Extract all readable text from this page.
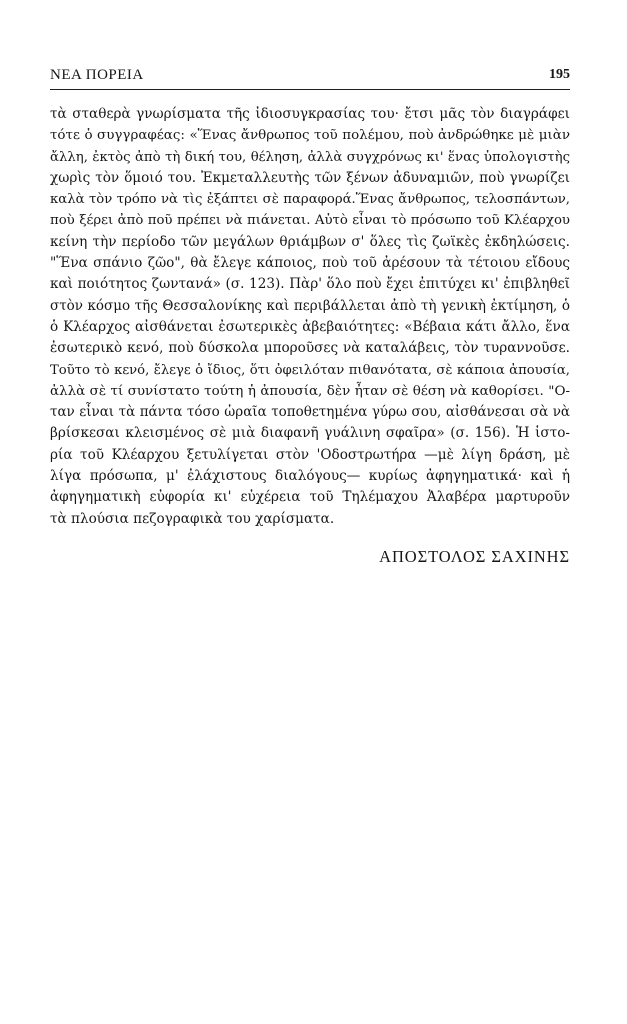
ΝΕΑ ΠΟΡΕΙΑ	195
τὰ σταθερὰ γνωρίσματα τῆς ἰδιοσυγκρασίας του· ἔτσι μᾶς τὸν διαγράφει
τότε ὁ συγγραφέας: «Ἕνας ἄνθρωπος τοῦ πολέμου, ποὺ ἀνδρώθηκε μὲ μιὰν
ἄλλη, ἐκτὸς ἀπὸ τὴ δική του, θέληση, ἀλλὰ συγχρόνως κι' ἕνας ὑπολογιστὴς
χωρὶς τὸν ὅμοιό του. Ἐκμεταλλευτὴς τῶν ξένων ἀδυναμιῶν, ποὺ γνωρίζει
καλὰ τὸν τρόπο νὰ τὶς ἐξάπτει σὲ παραφορά.Ἕνας ἄνθρωπος, τελοσπάντων,
ποὺ ξέρει ἀπὸ ποῦ πρέπει νὰ πιάνεται. Αὐτὸ εἶναι τὸ πρόσωπο τοῦ Κλέαρχου
κείνη τὴν περίοδο τῶν μεγάλων θριάμβων σ' ὅλες τὶς ζωϊκὲς ἐκδηλώσεις.
"Ἕνα σπάνιο ζῶο", θὰ ἔλεγε κάποιος, ποὺ τοῦ ἀρέσουν τὰ τέτοιου εἴδους
καὶ ποιότητος ζωντανά» (σ. 123). Πὰρ' ὅλο ποὺ ἔχει ἐπιτύχει κι' ἐπιβληθεῖ
στὸν κόσμο τῆς Θεσσαλονίκης καὶ περιβάλλεται ἀπὸ τὴ γενικὴ ἐκτίμηση, ὁ
ὁ Κλέαρχος αἰσθάνεται ἐσωτερικὲς ἀβεβαιότητες: «Βέβαια κάτι ἄλλο, ἕνα
ἐσωτερικὸ κενό, ποὺ δύσκολα μποροῦσες νὰ καταλάβεις, τὸν τυραννοῦσε.
Τοῦτο τὸ κενό, ἔλεγε ὁ ἴδιος, ὅτι ὀφειλόταν πιθανότατα, σὲ κάποια ἀπουσία,
ἀλλὰ σὲ τί συνίστατο τούτη ἡ ἀπουσία, δὲν ἦταν σὲ θέση νὰ καθορίσει. "Ο-
ταν εἶναι τὰ πάντα τόσο ὡραῖα τοποθετημένα γύρω σου, αἰσθάνεσαι σὰ νὰ
βρίσκεσαι κλεισμένος σὲ μιὰ διαφανῆ γυάλινη σφαῖρα» (σ. 156). Ἡ ἱστο-
ρία τοῦ Κλέαρχου ξετυλίγεται στὸν 'Οδοστρωτήρα —μὲ λίγη δράση, μὲ
λίγα πρόσωπα, μ' ἐλάχιστους διαλόγους— κυρίως ἀφηγηματικά· καὶ ἡ
ἀφηγηματικὴ εὐφορία κι' εὐχέρεια τοῦ Τηλέμαχου Ἀλαβέρα μαρτυροῦν
τὰ πλούσια πεζογραφικὰ του χαρίσματα.
ΑΠΟΣΤΟΛΟΣ ΣΑΧΙΝΗΣ
